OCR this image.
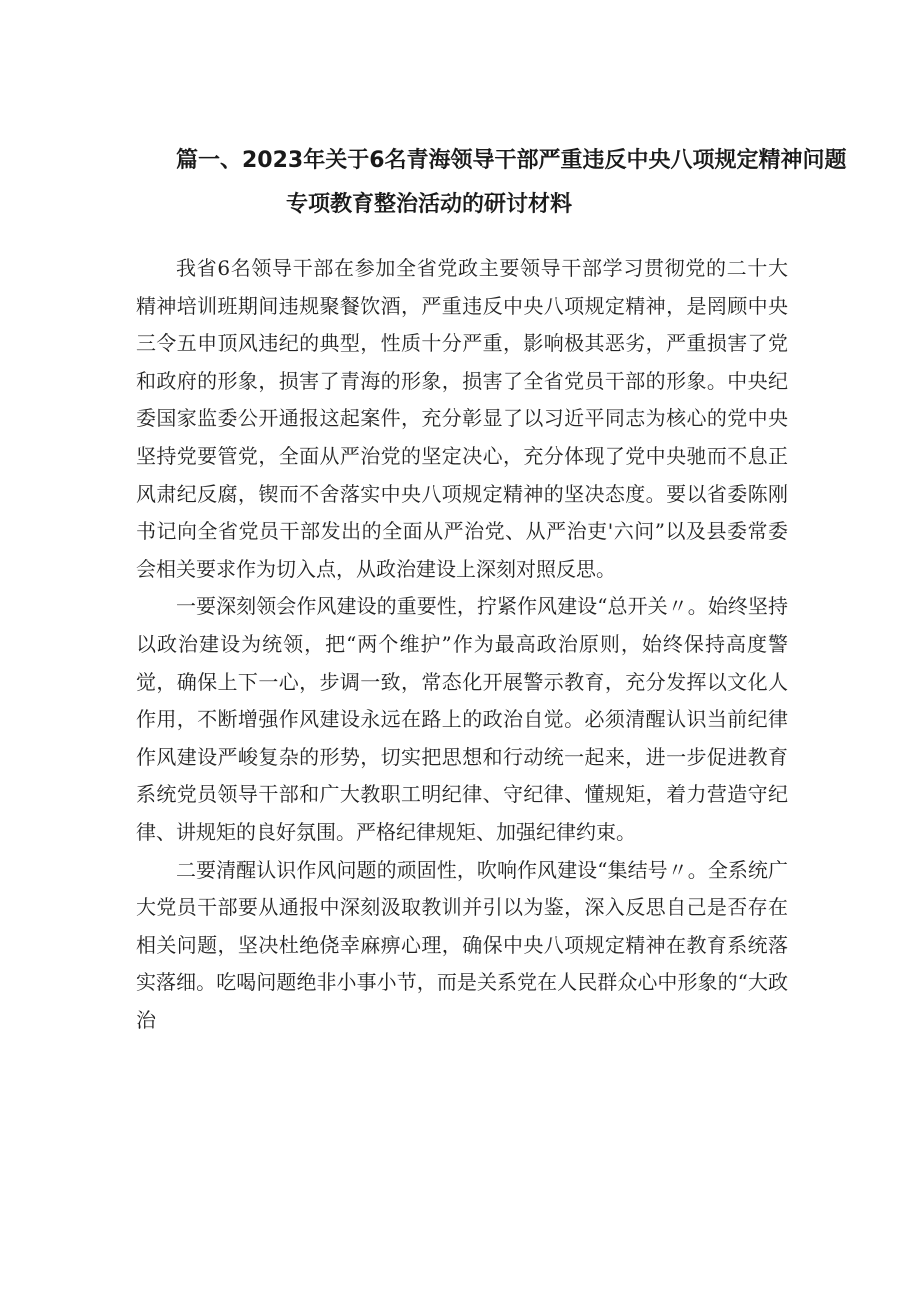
篇一、2023年关于6名青海领导干部严重违反中央八项规定精神问题
专项教育整治活动的研讨材料

我省6名领导干部在参加全省党政主要领导干部学习贯彻党的二十大精神培训班期间违规聚餐饮酒，严重违反中央八项规定精神，是罔顾中央三令五申顶风违纪的典型，性质十分严重，影响极其恶劣，严重损害了党和政府的形象，损害了青海的形象，损害了全省党员干部的形象。中央纪委国家监委公开通报这起案件，充分彰显了以习近平同志为核心的党中央坚持党要管党，全面从严治党的坚定决心，充分体现了党中央驰而不息正风肃纪反腐，锲而不舍落实中央八项规定精神的坚决态度。要以省委陈刚书记向全省党员干部发出的全面从严治党、从严治吏'六问”以及县委常委会相关要求作为切入点，从政治建设上深刻对照反思。

一要深刻领会作风建设的重要性，拧紧作风建设“总开关〃。始终坚持以政治建设为统领，把“两个维护”作为最高政治原则，始终保持高度警觉，确保上下一心，步调一致，常态化开展警示教育，充分发挥以文化人作用，不断增强作风建设永远在路上的政治自觉。必须清醒认识当前纪律作风建设严峻复杂的形势，切实把思想和行动统一起来，进一步促进教育系统党员领导干部和广大教职工明纪律、守纪律、懂规矩，着力营造守纪律、讲规矩的良好氛围。严格纪律规矩、加强纪律约束。

二要清醒认识作风问题的顽固性，吹响作风建设“集结号〃。全系统广大党员干部要从通报中深刻汲取教训并引以为鉴，深入反思自己是否存在相关问题，坚决杜绝侥幸麻痹心理，确保中央八项规定精神在教育系统落实落细。吃喝问题绝非小事小节，而是关系党在人民群众心中形象的“大政治
